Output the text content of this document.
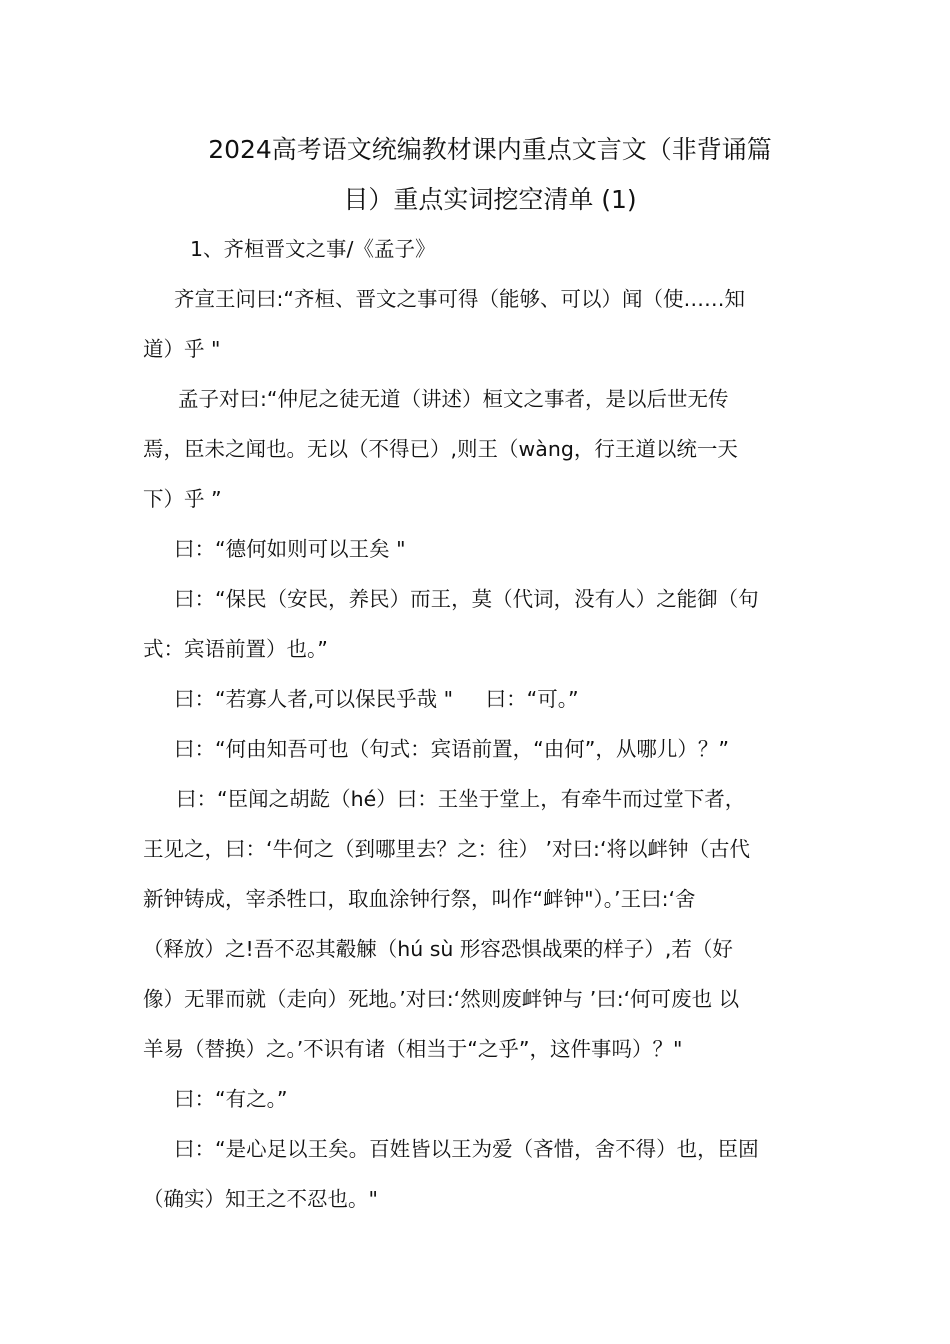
2024高考语文统编教材课内重点文言文（非背诵篇
目）重点实词挖空清单 (1)
1、齐桓晋文之事/《孟子》
齐宣王问曰:“齐桓、晋文之事可得（能够、可以）闻（使……知
道）乎 "
孟子对曰:“仲尼之徒无道（讲述）桓文之事者，是以后世无传
焉，臣未之闻也。无以（不得已）,则王（wàng，行王道以统一天
下）乎 ”
曰：“德何如则可以王矣 "
曰：“保民（安民，养民）而王，莫（代词，没有人）之能御（句
式：宾语前置）也。”
曰：“若寡人者,可以保民乎哉 "     曰：“可。”
曰：“何由知吾可也（句式：宾语前置，“由何”，从哪儿）？”
曰：“臣闻之胡龁（hé）曰：王坐于堂上，有牵牛而过堂下者，
王见之，曰：‘牛何之（到哪里去？之：往） ’对曰:‘将以衅钟（古代
新钟铸成，宰杀牲口，取血涂钟行祭，叫作“衅钟"）。’王曰:‘舍
（释放）之!吾不忍其觳觫（hú sù 形容恐惧战栗的样子）,若（好
像）无罪而就（走向）死地。’对曰:‘然则废衅钟与 ’曰:‘何可废也 以
羊易（替换）之。’不识有诸（相当于“之乎”，这件事吗）？"
曰：“有之。”
曰：“是心足以王矣。百姓皆以王为爱（吝惜，舍不得）也，臣固
（确实）知王之不忍也。"
